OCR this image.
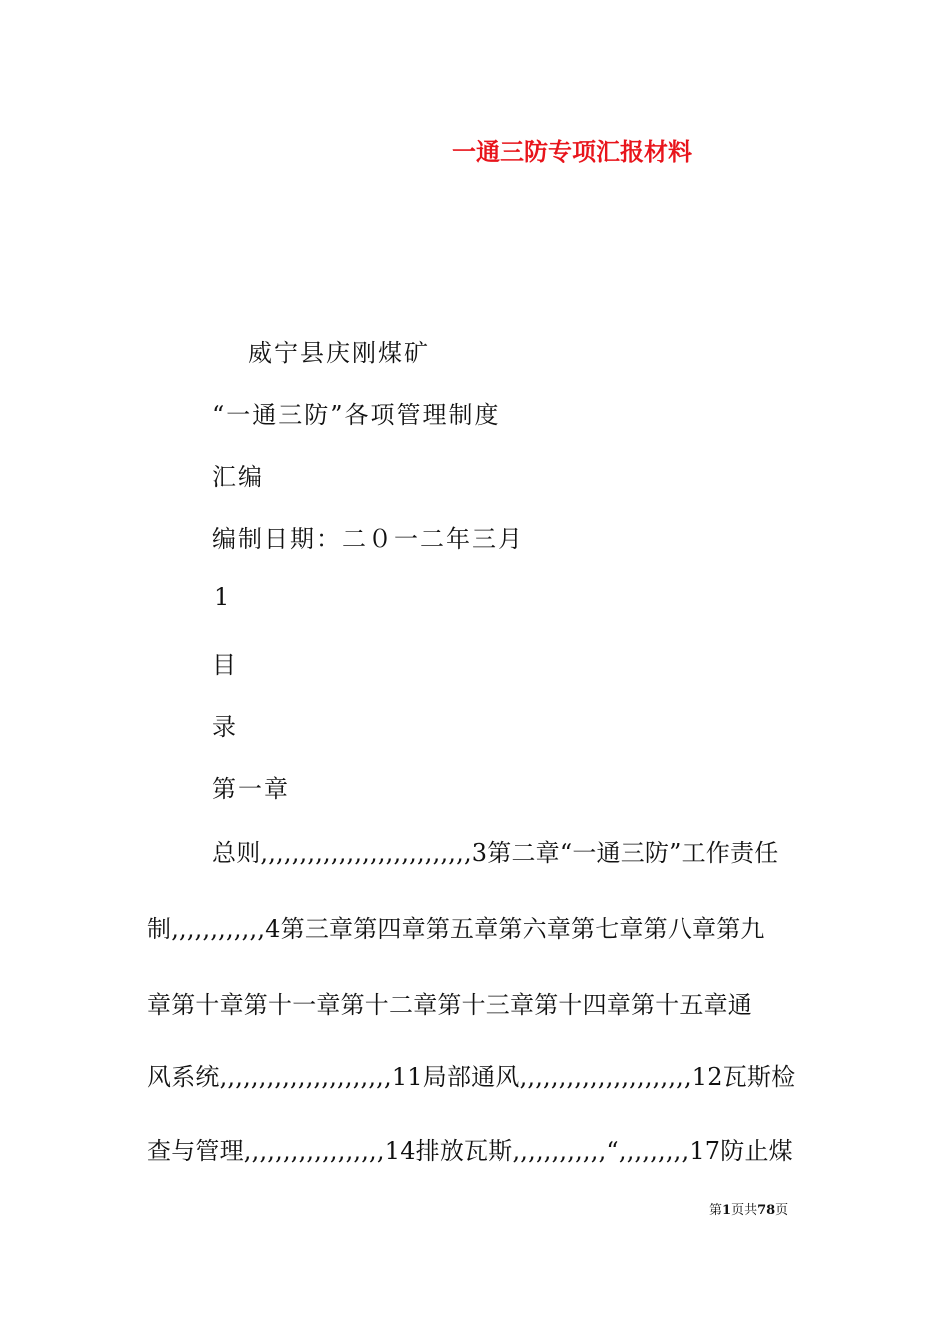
一通三防专项汇报材料
威宁县庆刚煤矿
“一通三防”各项管理制度
汇编
编制日期：二０一二年三月
1
目
录
第一章
总则,,,,,,,,,,,,,,,,,,,,,,,,,,,3第二章“一通三防”工作责任
制,,,,,,,,,,,,4第三章第四章第五章第六章第七章第八章第九
章第十章第十一章第十二章第十三章第十四章第十五章通
风系统,,,,,,,,,,,,,,,,,,,,,,11局部通风,,,,,,,,,,,,,,,,,,,,,,12瓦斯检
查与管理,,,,,,,,,,,,,,,,,,14排放瓦斯,,,,,,,,,,,,“,,,,,,,,,17防止煤
第1页共78页
